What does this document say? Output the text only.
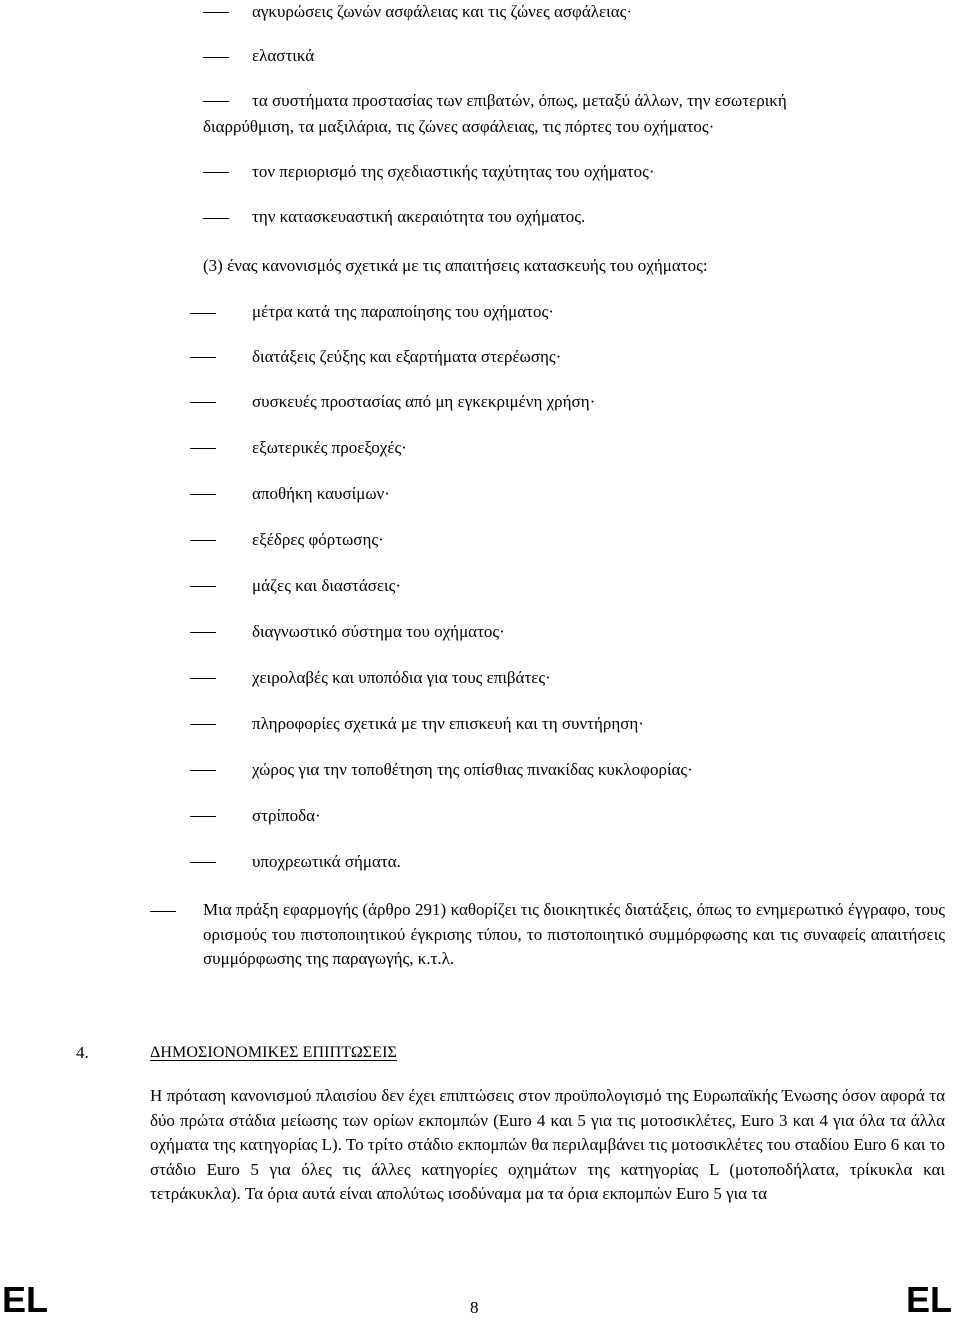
αγκυρώσεις ζωνών ασφάλειας και τις ζώνες ασφάλειας·
ελαστικά
τα συστήματα προστασίας των επιβατών, όπως, μεταξύ άλλων, την εσωτερική
διαρρύθμιση, τα μαξιλάρια, τις ζώνες ασφάλειας, τις πόρτες του οχήματος·
τον περιορισμό της σχεδιαστικής ταχύτητας του οχήματος·
την κατασκευαστική ακεραιότητα του οχήματος.
(3) ένας κανονισμός σχετικά με τις απαιτήσεις κατασκευής του οχήματος:
μέτρα κατά της παραποίησης του οχήματος·
διατάξεις ζεύξης και εξαρτήματα στερέωσης·
συσκευές προστασίας από μη εγκεκριμένη χρήση·
εξωτερικές προεξοχές·
αποθήκη καυσίμων·
εξέδρες φόρτωσης·
μάζες και διαστάσεις·
διαγνωστικό σύστημα του οχήματος·
χειρολαβές και υποπόδια για τους επιβάτες·
πληροφορίες σχετικά με την επισκευή και τη συντήρηση·
χώρος για την τοποθέτηση της οπίσθιας πινακίδας κυκλοφορίας·
στρίποδα·
υποχρεωτικά σήματα.
Μια πράξη εφαρμογής (άρθρο 291) καθορίζει τις διοικητικές διατάξεις, όπως το ενημερωτικό έγγραφο, τους ορισμούς του πιστοποιητικού έγκρισης τύπου, το πιστοποιητικό συμμόρφωσης και τις συναφείς απαιτήσεις συμμόρφωσης της παραγωγής, κ.τ.λ.
4.	ΔΗΜΟΣΙΟΝΟΜΙΚΕΣ ΕΠΙΠΤΩΣΕΙΣ
Η πρόταση κανονισμού πλαισίου δεν έχει επιπτώσεις στον προϋπολογισμό της Ευρωπαϊκής Ένωσης όσον αφορά τα δύο πρώτα στάδια μείωσης των ορίων εκπομπών (Euro 4 και 5 για τις μοτοσικλέτες, Euro 3 και 4 για όλα τα άλλα οχήματα της κατηγορίας L). Το τρίτο στάδιο εκπομπών θα περιλαμβάνει τις μοτοσικλέτες του σταδίου Euro 6 και το στάδιο Euro 5 για όλες τις άλλες κατηγορίες οχημάτων της κατηγορίας L (μοτοποδήλατα, τρίκυκλα και τετράκυκλα). Τα όρια αυτά είναι απολύτως ισοδύναμα μα τα όρια εκπομπών Euro 5 για τα
EL	8	EL
